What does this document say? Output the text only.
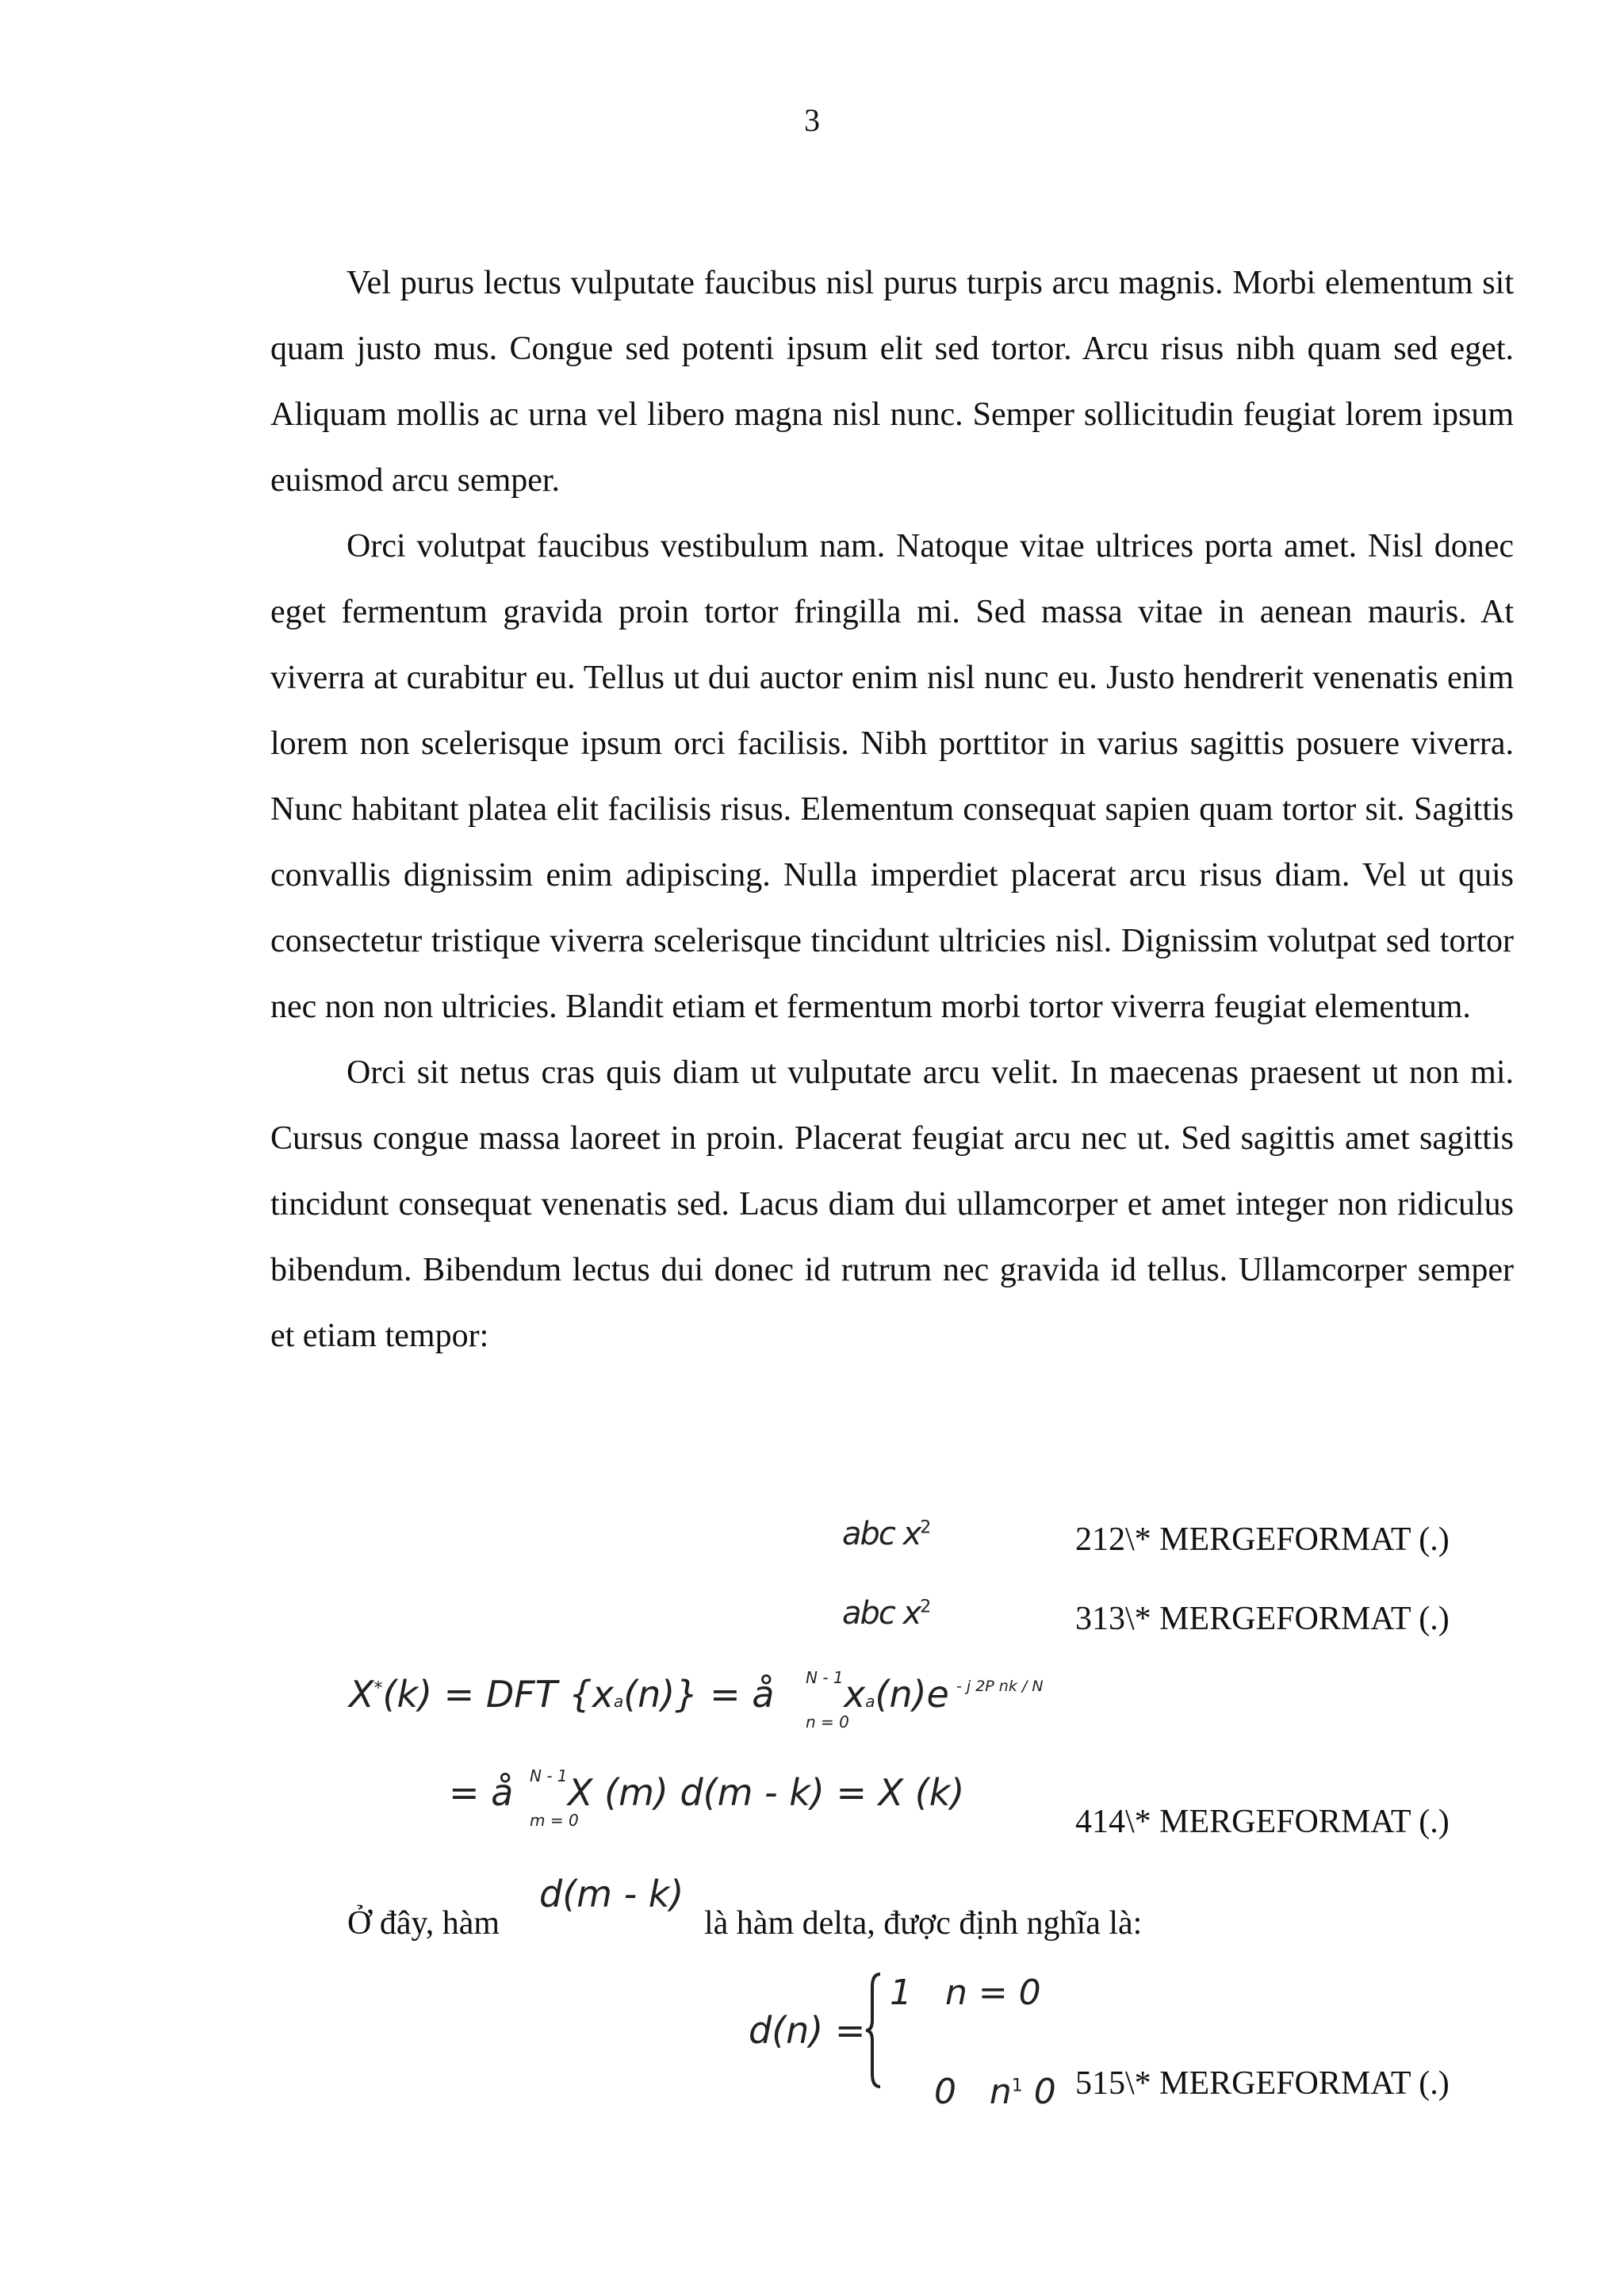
3

Vel purus lectus vulputate faucibus nisl purus turpis arcu magnis. Morbi elementum sit quam justo mus. Congue sed potenti ipsum elit sed tortor. Arcu risus nibh quam sed eget. Aliquam mollis ac urna vel libero magna nisl nunc. Semper sollicitudin feugiat lorem ipsum euismod arcu semper.

Orci volutpat faucibus vestibulum nam. Natoque vitae ultrices porta amet. Nisl donec eget fermentum gravida proin tortor fringilla mi. Sed massa vitae in aenean mauris. At viverra at curabitur eu. Tellus ut dui auctor enim nisl nunc eu. Justo hendrerit venenatis enim lorem non scelerisque ipsum orci facilisis. Nibh porttitor in varius sagittis posuere viverra. Nunc habitant platea elit facilisis risus. Elementum consequat sapien quam tortor sit. Sagittis convallis dignissim enim adipiscing. Nulla imperdiet placerat arcu risus diam. Vel ut quis consectetur tristique viverra scelerisque tincidunt ultricies nisl. Dignissim volutpat sed tortor nec non non ultricies. Blandit etiam et fermentum morbi tortor viverra feugiat elementum.

Orci sit netus cras quis diam ut vulputate arcu velit. In maecenas praesent ut non mi. Cursus congue massa laoreet in proin. Placerat feugiat arcu nec ut. Sed sagittis amet sagittis tincidunt consequat venenatis sed. Lacus diam dui ullamcorper et amet integer non ridiculus bibendum. Bibendum lectus dui donec id rutrum nec gravida id tellus. Ullamcorper semper et etiam tempor:

abc $x^2$	212\* MERGEFORMAT (.)
abc $x^2$	313\* MERGEFORMAT (.)
X*(k) = DFT {xa(n)} = å N - 1
n = 0
xa(n)e - j 2P nk / N
= å N - 1
m = 0
X (m) d(m - k) = X (k)
414\* MERGEFORMAT (.)
Ở đây, hàm
d(m - k)
là hàm delta, được định nghĩa là:
d(n) =
1   n = 0

0   $n^1$ 0
515\* MERGEFORMAT (.)
